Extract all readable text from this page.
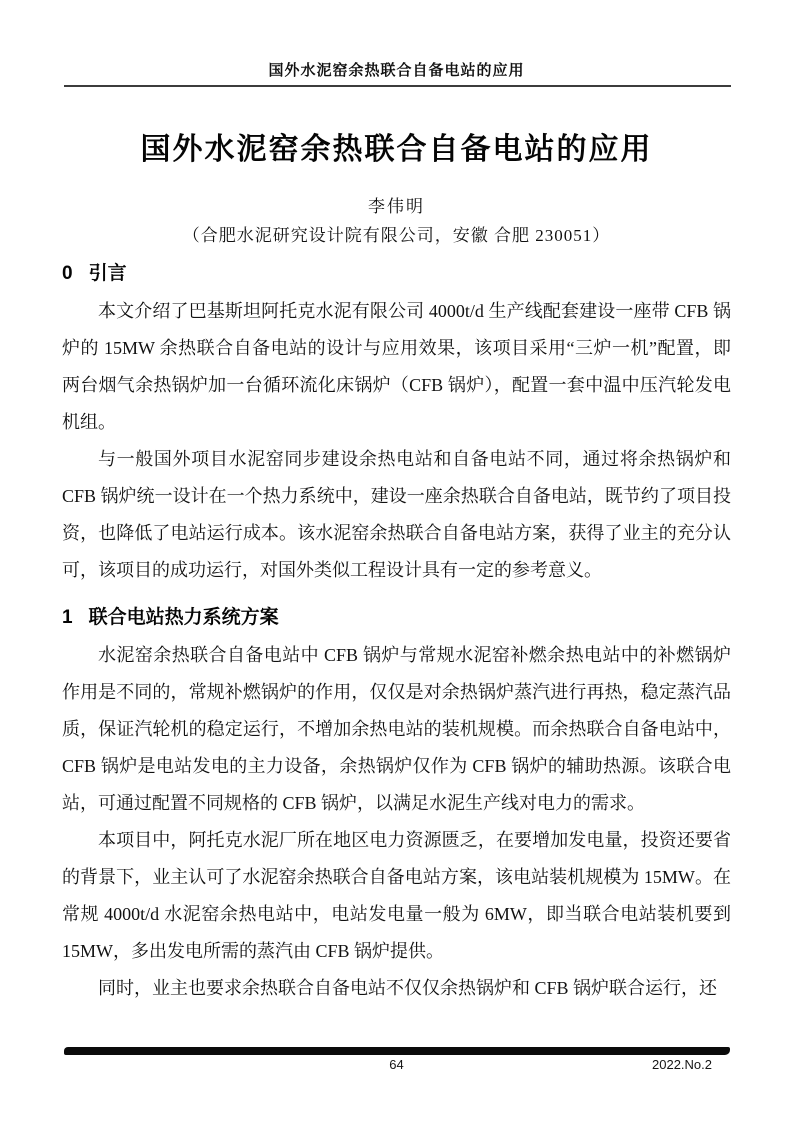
国外水泥窑余热联合自备电站的应用
国外水泥窑余热联合自备电站的应用
李伟明
（合肥水泥研究设计院有限公司，安徽 合肥 230051）
0 引言

本文介绍了巴基斯坦阿托克水泥有限公司 4000t/d 生产线配套建设一座带 CFB 锅炉的 15MW 余热联合自备电站的设计与应用效果，该项目采用“三炉一机”配置，即两台烟气余热锅炉加一台循环流化床锅炉（CFB 锅炉），配置一套中温中压汽轮发电机组。

与一般国外项目水泥窑同步建设余热电站和自备电站不同，通过将余热锅炉和 CFB 锅炉统一设计在一个热力系统中，建设一座余热联合自备电站，既节约了项目投资，也降低了电站运行成本。该水泥窑余热联合自备电站方案，获得了业主的充分认可，该项目的成功运行，对国外类似工程设计具有一定的参考意义。

1 联合电站热力系统方案

水泥窑余热联合自备电站中 CFB 锅炉与常规水泥窑补燃余热电站中的补燃锅炉作用是不同的，常规补燃锅炉的作用，仅仅是对余热锅炉蒸汽进行再热，稳定蒸汽品质，保证汽轮机的稳定运行，不增加余热电站的装机规模。而余热联合自备电站中，CFB 锅炉是电站发电的主力设备，余热锅炉仅作为 CFB 锅炉的辅助热源。该联合电站，可通过配置不同规格的 CFB 锅炉，以满足水泥生产线对电力的需求。

本项目中，阿托克水泥厂所在地区电力资源匮乏，在要增加发电量，投资还要省的背景下，业主认可了水泥窑余热联合自备电站方案，该电站装机规模为 15MW。在常规 4000t/d 水泥窑余热电站中，电站发电量一般为 6MW，即当联合电站装机要到 15MW，多出发电所需的蒸汽由 CFB 锅炉提供。

同时，业主也要求余热联合自备电站不仅仅余热锅炉和 CFB 锅炉联合运行，还

64	2022.No.2
